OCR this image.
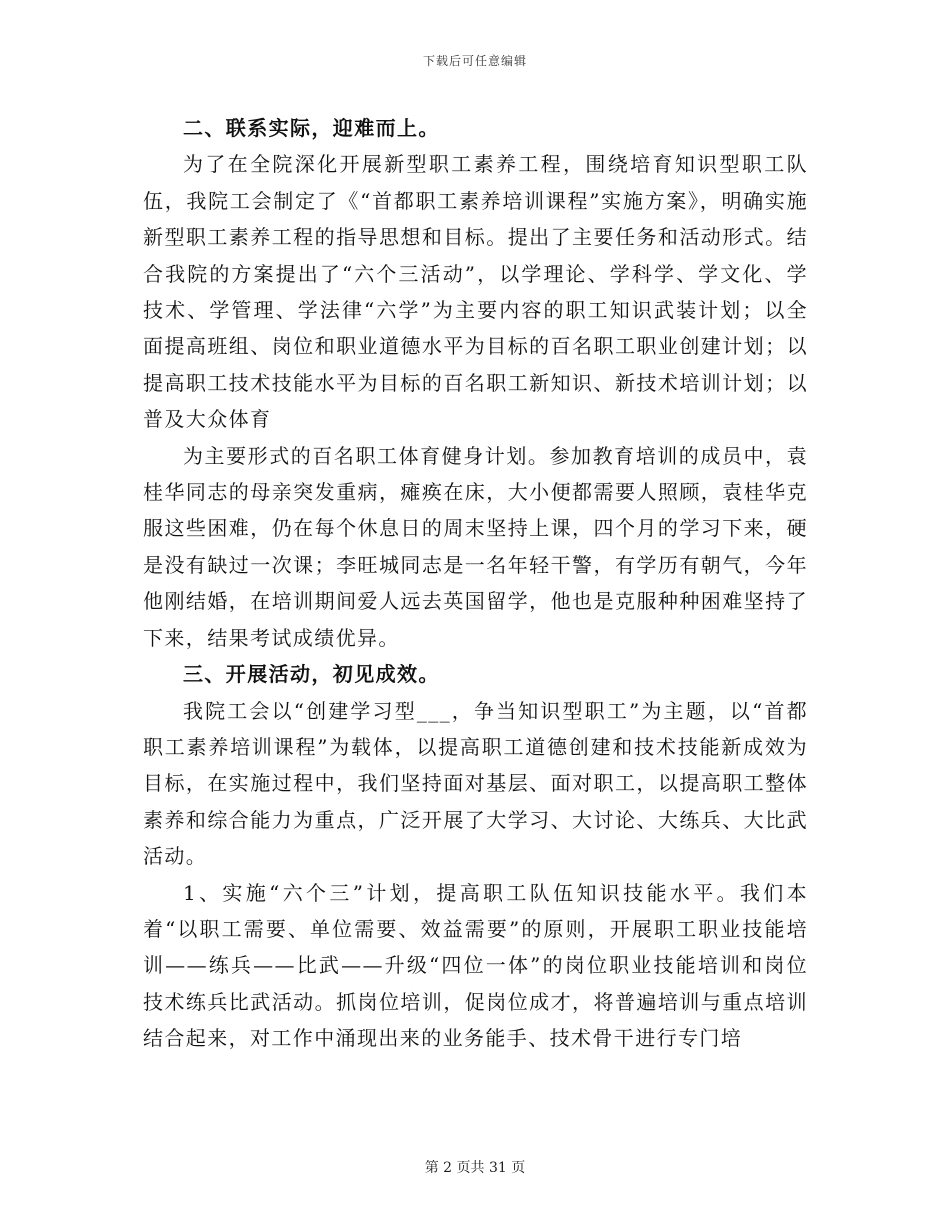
下载后可任意编辑

二、联系实际，迎难而上。

为了在全院深化开展新型职工素养工程，围绕培育知识型职工队伍，我院工会制定了《“首都职工素养培训课程”实施方案》，明确实施新型职工素养工程的指导思想和目标。提出了主要任务和活动形式。结合我院的方案提出了“六个三活动”，以学理论、学科学、学文化、学技术、学管理、学法律“六学”为主要内容的职工知识武装计划；以全面提高班组、岗位和职业道德水平为目标的百名职工职业创建计划；以提高职工技术技能水平为目标的百名职工新知识、新技术培训计划；以普及大众体育

为主要形式的百名职工体育健身计划。参加教育培训的成员中，袁桂华同志的母亲突发重病，瘫痪在床，大小便都需要人照顾，袁桂华克服这些困难，仍在每个休息日的周末坚持上课，四个月的学习下来，硬是没有缺过一次课；李旺城同志是一名年轻干警，有学历有朝气，今年他刚结婚，在培训期间爱人远去英国留学，他也是克服种种困难坚持了下来，结果考试成绩优异。

三、开展活动，初见成效。

我院工会以“创建学习型___，争当知识型职工”为主题，以“首都职工素养培训课程”为载体，以提高职工道德创建和技术技能新成效为目标，在实施过程中，我们坚持面对基层、面对职工，以提高职工整体素养和综合能力为重点，广泛开展了大学习、大讨论、大练兵、大比武活动。

1、实施“六个三”计划，提高职工队伍知识技能水平。我们本着“以职工需要、单位需要、效益需要”的原则，开展职工职业技能培训——练兵——比武——升级“四位一体”的岗位职业技能培训和岗位技术练兵比武活动。抓岗位培训，促岗位成才，将普遍培训与重点培训结合起来，对工作中涌现出来的业务能手、技术骨干进行专门培

第 2 页共 31 页
